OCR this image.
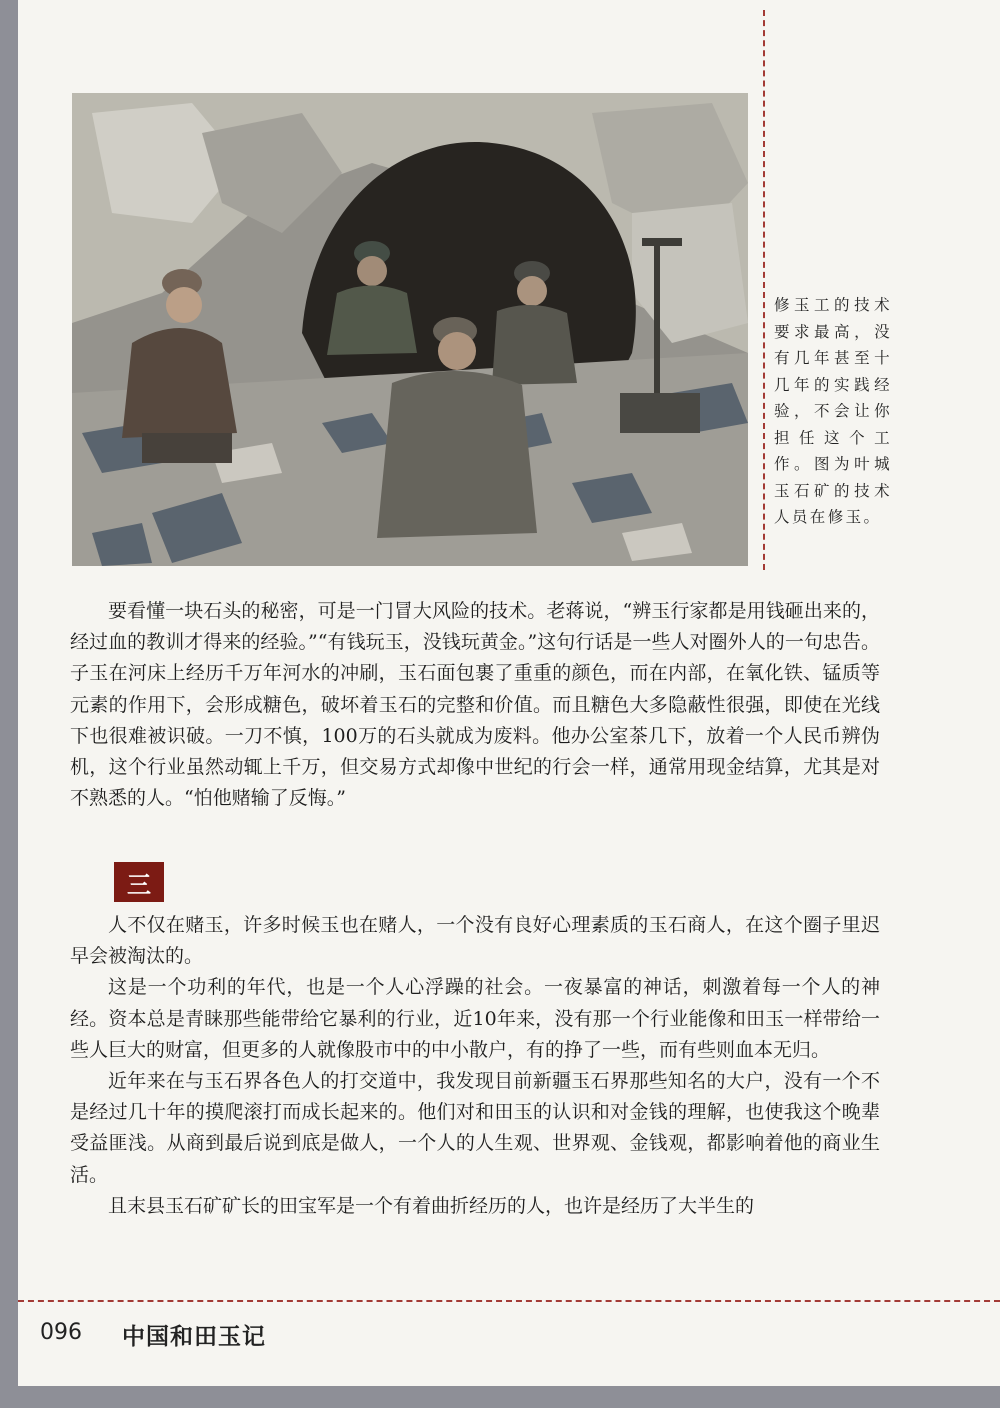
修玉工的技术要求最高，没有几年甚至十几年的实践经验，不会让你担任这个工作。图为叶城玉石矿的技术人员在修玉。

要看懂一块石头的秘密，可是一门冒大风险的技术。老蒋说，“辨玉行家都是用钱砸出来的，经过血的教训才得来的经验。”“有钱玩玉，没钱玩黄金。”这句行话是一些人对圈外人的一句忠告。子玉在河床上经历千万年河水的冲刷，玉石面包裹了重重的颜色，而在内部，在氧化铁、锰质等元素的作用下，会形成糖色，破坏着玉石的完整和价值。而且糖色大多隐蔽性很强，即使在光线下也很难被识破。一刀不慎，100万的石头就成为废料。他办公室茶几下，放着一个人民币辨伪机，这个行业虽然动辄上千万，但交易方式却像中世纪的行会一样，通常用现金结算，尤其是对不熟悉的人。“怕他赌输了反悔。”

三

人不仅在赌玉，许多时候玉也在赌人，一个没有良好心理素质的玉石商人，在这个圈子里迟早会被淘汰的。

这是一个功利的年代，也是一个人心浮躁的社会。一夜暴富的神话，刺激着每一个人的神经。资本总是青睐那些能带给它暴利的行业，近10年来，没有那一个行业能像和田玉一样带给一些人巨大的财富，但更多的人就像股市中的中小散户，有的挣了一些，而有些则血本无归。

近年来在与玉石界各色人的打交道中，我发现目前新疆玉石界那些知名的大户，没有一个不是经过几十年的摸爬滚打而成长起来的。他们对和田玉的认识和对金钱的理解，也使我这个晚辈受益匪浅。从商到最后说到底是做人，一个人的人生观、世界观、金钱观，都影响着他的商业生活。

且末县玉石矿矿长的田宝军是一个有着曲折经历的人，也许是经历了大半生的

096 中国和田玉记
